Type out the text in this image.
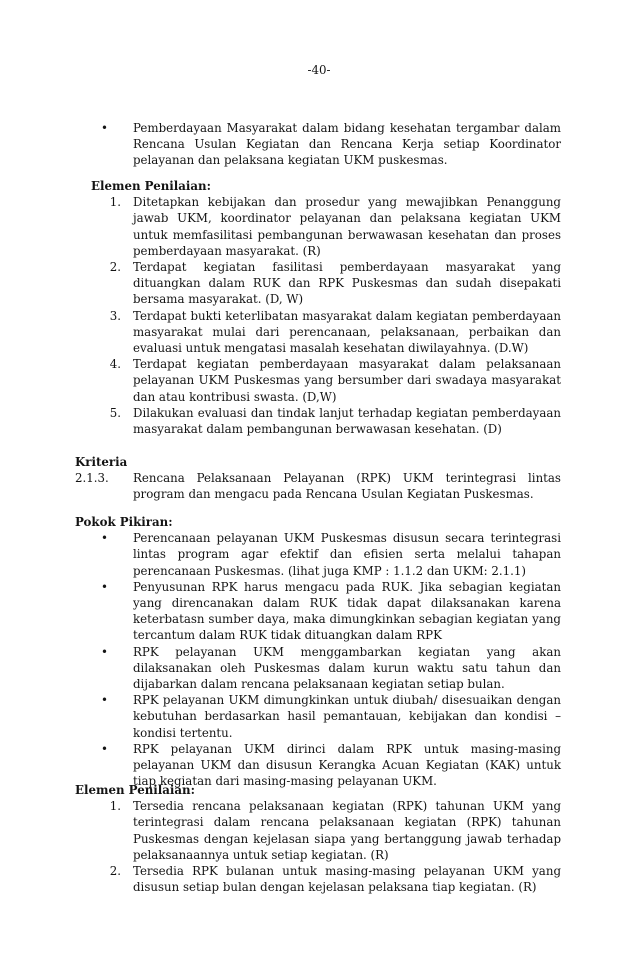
-40-
• Pemberdayaan Masyarakat dalam bidang kesehatan tergambar dalam Rencana Usulan Kegiatan dan Rencana Kerja setiap Koordinator pelayanan dan pelaksana kegiatan UKM puskesmas.
Elemen Penilaian:
1. Ditetapkan kebijakan dan prosedur yang mewajibkan Penanggung jawab UKM, koordinator pelayanan dan pelaksana kegiatan UKM untuk memfasilitasi pembangunan berwawasan kesehatan dan proses pemberdayaan masyarakat. (R)
2. Terdapat kegiatan fasilitasi pemberdayaan masyarakat yang dituangkan dalam RUK dan RPK Puskesmas dan sudah disepakati bersama masyarakat. (D, W)
3. Terdapat bukti keterlibatan masyarakat dalam kegiatan pemberdayaan masyarakat mulai dari perencanaan, pelaksanaan, perbaikan dan evaluasi untuk mengatasi masalah kesehatan diwilayahnya. (D.W)
4. Terdapat kegiatan pemberdayaan masyarakat dalam pelaksanaan pelayanan UKM Puskesmas yang bersumber dari swadaya masyarakat dan atau kontribusi swasta. (D,W)
5. Dilakukan evaluasi dan tindak lanjut terhadap kegiatan pemberdayaan masyarakat dalam pembangunan berwawasan kesehatan. (D)
Kriteria
2.1.3. Rencana Pelaksanaan Pelayanan (RPK) UKM terintegrasi lintas program dan mengacu pada Rencana Usulan Kegiatan Puskesmas.
Pokok Pikiran:
• Perencanaan pelayanan UKM Puskesmas disusun secara terintegrasi lintas program agar efektif dan efisien serta melalui tahapan perencanaan Puskesmas. (lihat juga KMP : 1.1.2 dan UKM: 2.1.1)
• Penyusunan RPK harus mengacu pada RUK. Jika sebagian kegiatan yang direncanakan dalam RUK tidak dapat dilaksanakan karena keterbatasn sumber daya, maka dimungkinkan sebagian kegiatan yang tercantum dalam RUK tidak dituangkan dalam RPK
• RPK pelayanan UKM menggambarkan kegiatan yang akan dilaksanakan oleh Puskesmas dalam kurun waktu satu tahun dan dijabarkan dalam rencana pelaksanaan kegiatan setiap bulan.
• RPK pelayanan UKM dimungkinkan untuk diubah/ disesuaikan dengan kebutuhan berdasarkan hasil pemantauan, kebijakan dan kondisi – kondisi tertentu.
• RPK pelayanan UKM dirinci dalam RPK untuk masing-masing pelayanan UKM dan disusun Kerangka Acuan Kegiatan (KAK) untuk tiap kegiatan dari masing-masing pelayanan UKM.
Elemen Penilaian:
1. Tersedia rencana pelaksanaan kegiatan (RPK) tahunan UKM yang terintegrasi dalam rencana pelaksanaan kegiatan (RPK) tahunan Puskesmas dengan kejelasan siapa yang bertanggung jawab terhadap pelaksanaannya untuk setiap kegiatan. (R)
2. Tersedia RPK bulanan untuk masing-masing pelayanan UKM yang disusun setiap bulan dengan kejelasan pelaksana tiap kegiatan. (R)
